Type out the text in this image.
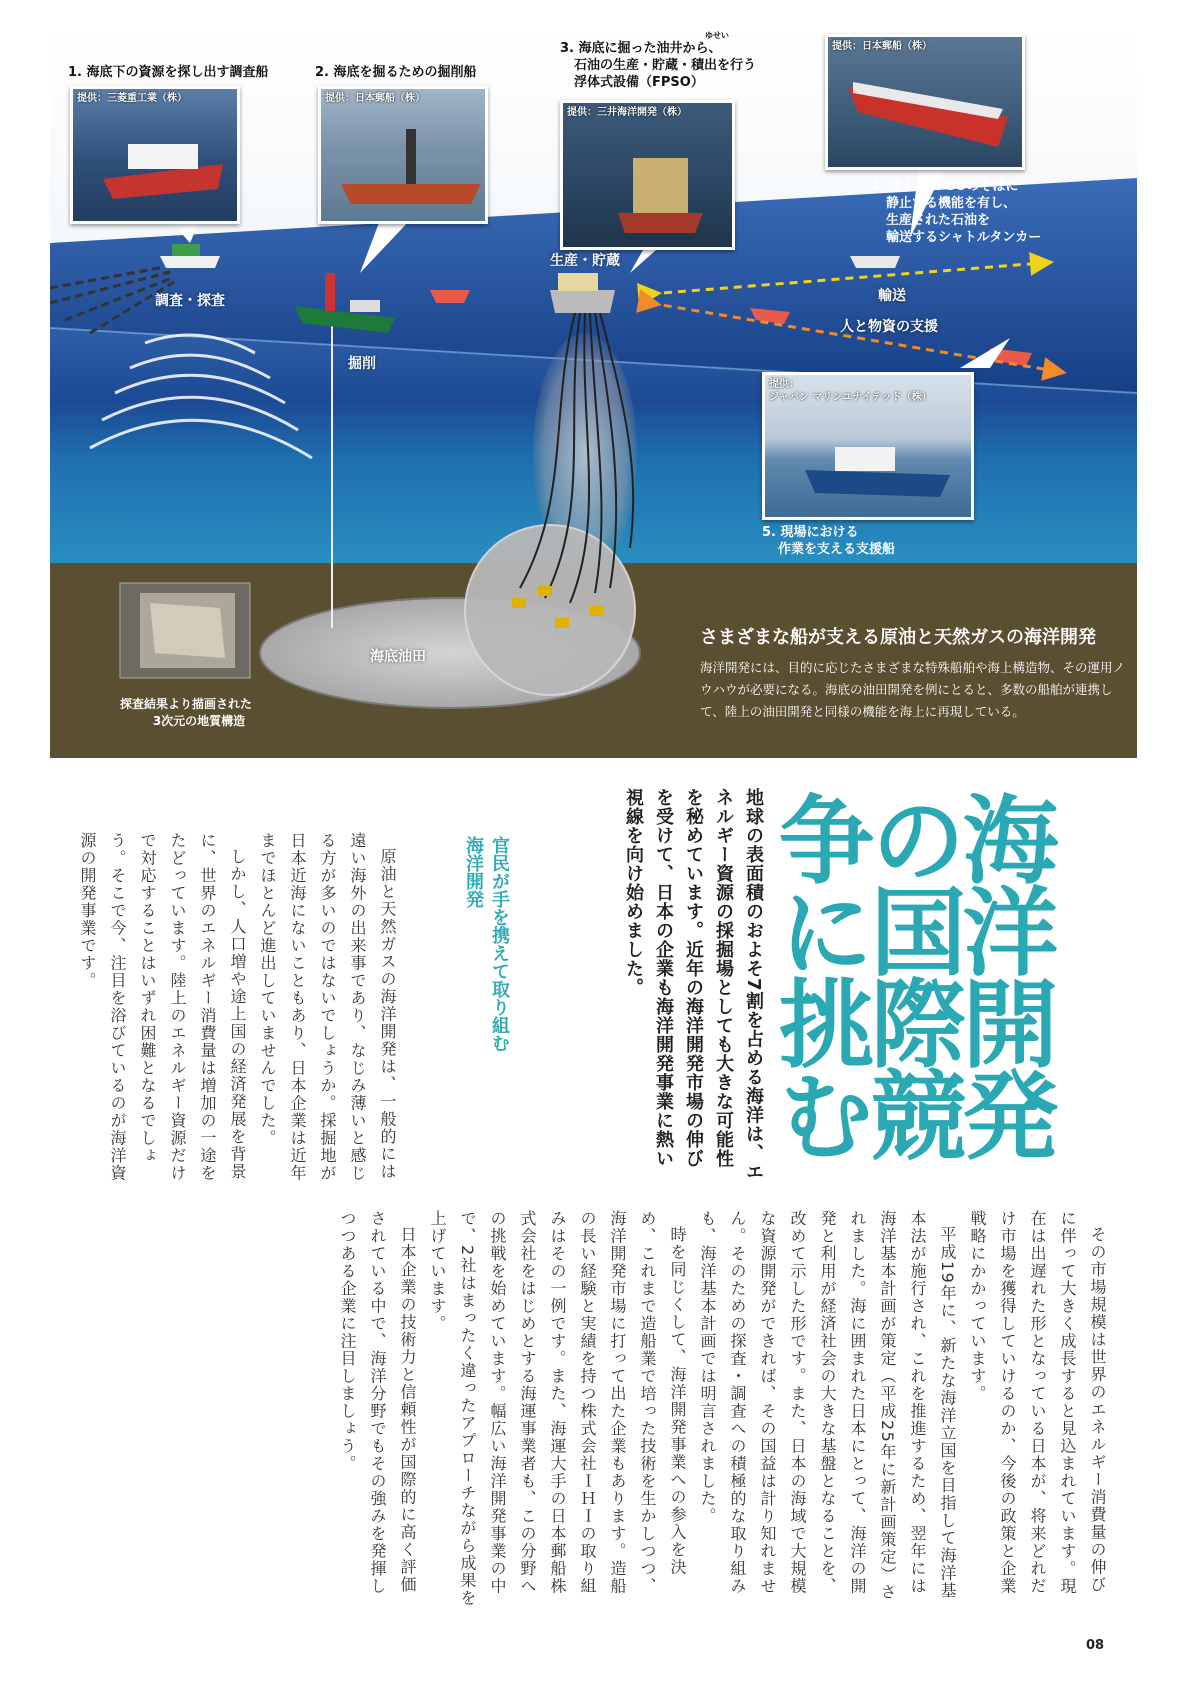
提供：三菱重工業（株）	提供：日本郵船（株）
提供：三井海洋開発（株）
提供：日本郵船（株）
提供：
ジャパン マリンユナイテッド（株）
1. 海底下の資源を探し出す調査船	2. 海底を掘るための掘削船
ゆせい
3. 海底に掘った油井から、
石油の生産・貯蔵・積出を行う
浮体式設備（FPSO）
4. 洋上でFPSOのそばに
静止する機能を有し、
生産された石油を
輸送するシャトルタンカー
5. 現場における
作業を支える支援船
調査・探査
掘削
生産・貯蔵
輸送
人と物資の支援
海底油田
探査結果より描画された
3次元の地質構造
さまざまな船が支える原油と天然ガスの海洋開発
海洋開発には、目的に応じたさまざまな特殊船舶や海上構造物、その運用ノウハウが必要になる。海底の油田開発を例にとると、多数の船舶が連携して、陸上の油田開発と同様の機能を海上に再現している。
海洋開発の国際競争に挑む
地球の表面積のおよそ7割を占める海洋は、エネルギー資源の採掘場としても大きな可能性を秘めています。近年の海洋開発市場の伸びを受けて、日本の企業も海洋開発事業に熱い視線を向け始めました。
官民が手を携えて取り組む
海洋開発

原油と天然ガスの海洋開発は、一般的には遠い海外の出来事であり、なじみ薄いと感じる方が多いのではないでしょうか。採掘地が日本近海にないこともあり、日本企業は近年までほとんど進出していませんでした。

しかし、人口増や途上国の経済発展を背景に、世界のエネルギー消費量は増加の一途をたどっています。陸上のエネルギー資源だけで対応することはいずれ困難となるでしょう。そこで今、注目を浴びているのが海洋資源の開発事業です。

その市場規模は世界のエネルギー消費量の伸びに伴って大きく成長すると見込まれています。現在は出遅れた形となっている日本が、将来どれだけ市場を獲得していけるのか、今後の政策と企業戦略にかかっています。

平成19年に、新たな海洋立国を目指して海洋基本法が施行され、これを推進するため、翌年には海洋基本計画が策定（平成25年に新計画策定）されました。海に囲まれた日本にとって、海洋の開発と利用が経済社会の大きな基盤となることを、改めて示した形です。また、日本の海域で大規模な資源開発ができれば、その国益は計り知れません。そのための探査・調査への積極的な取り組みも、海洋基本計画では明言されました。

時を同じくして、海洋開発事業への参入を決め、これまで造船業で培った技術を生かしつつ、海洋開発市場に打って出た企業もあります。造船の長い経験と実績を持つ株式会社ＩＨＩの取り組みはその一例です。また、海運大手の日本郵船株式会社をはじめとする海運事業者も、この分野への挑戦を始めています。幅広い海洋開発事業の中で、2社はまったく違ったアプローチながら成果を上げています。

日本企業の技術力と信頼性が国際的に高く評価されている中で、海洋分野でもその強みを発揮しつつある企業に注目しましょう。

08
